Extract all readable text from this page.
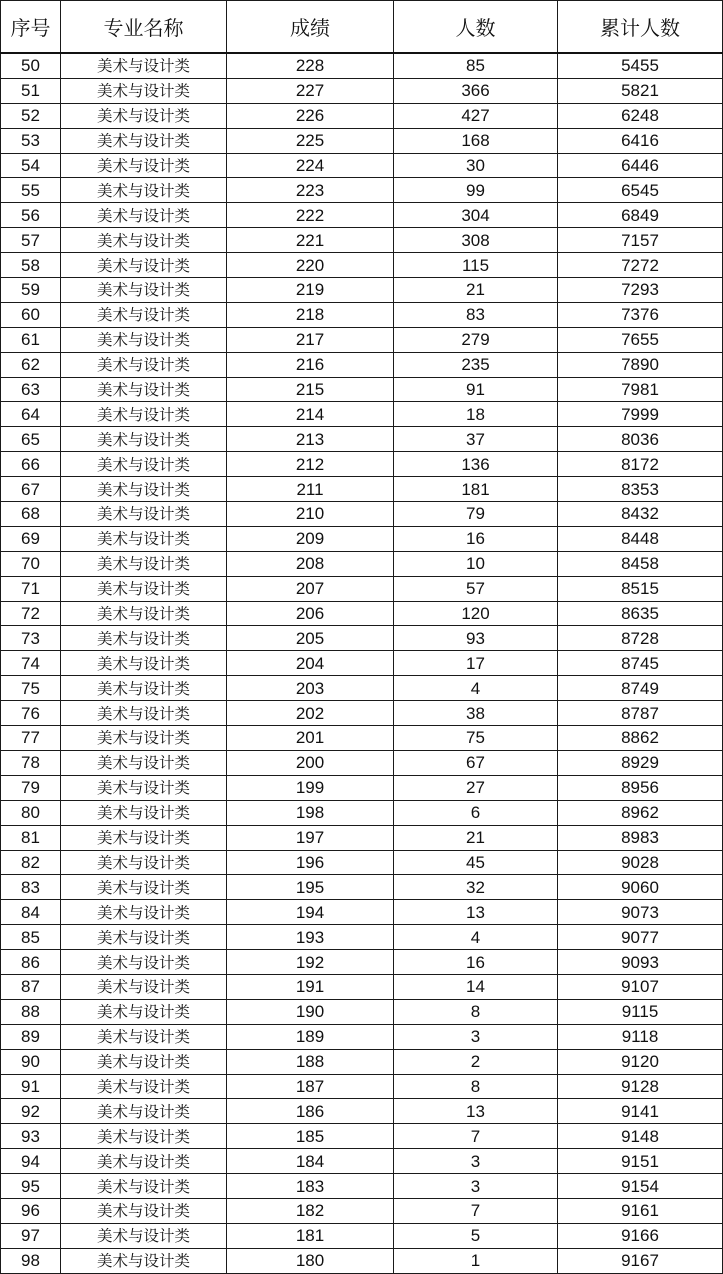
序号	专业名称	成绩	人数	累计人数
50	美术与设计类	228	85	5455
51	美术与设计类	227	366	5821
52	美术与设计类	226	427	6248
53	美术与设计类	225	168	6416
54	美术与设计类	224	30	6446
55	美术与设计类	223	99	6545
56	美术与设计类	222	304	6849
57	美术与设计类	221	308	7157
58	美术与设计类	220	115	7272
59	美术与设计类	219	21	7293
60	美术与设计类	218	83	7376
61	美术与设计类	217	279	7655
62	美术与设计类	216	235	7890
63	美术与设计类	215	91	7981
64	美术与设计类	214	18	7999
65	美术与设计类	213	37	8036
66	美术与设计类	212	136	8172
67	美术与设计类	211	181	8353
68	美术与设计类	210	79	8432
69	美术与设计类	209	16	8448
70	美术与设计类	208	10	8458
71	美术与设计类	207	57	8515
72	美术与设计类	206	120	8635
73	美术与设计类	205	93	8728
74	美术与设计类	204	17	8745
75	美术与设计类	203	4	8749
76	美术与设计类	202	38	8787
77	美术与设计类	201	75	8862
78	美术与设计类	200	67	8929
79	美术与设计类	199	27	8956
80	美术与设计类	198	6	8962
81	美术与设计类	197	21	8983
82	美术与设计类	196	45	9028
83	美术与设计类	195	32	9060
84	美术与设计类	194	13	9073
85	美术与设计类	193	4	9077
86	美术与设计类	192	16	9093
87	美术与设计类	191	14	9107
88	美术与设计类	190	8	9115
89	美术与设计类	189	3	9118
90	美术与设计类	188	2	9120
91	美术与设计类	187	8	9128
92	美术与设计类	186	13	9141
93	美术与设计类	185	7	9148
94	美术与设计类	184	3	9151
95	美术与设计类	183	3	9154
96	美术与设计类	182	7	9161
97	美术与设计类	181	5	9166
98	美术与设计类	180	1	9167
